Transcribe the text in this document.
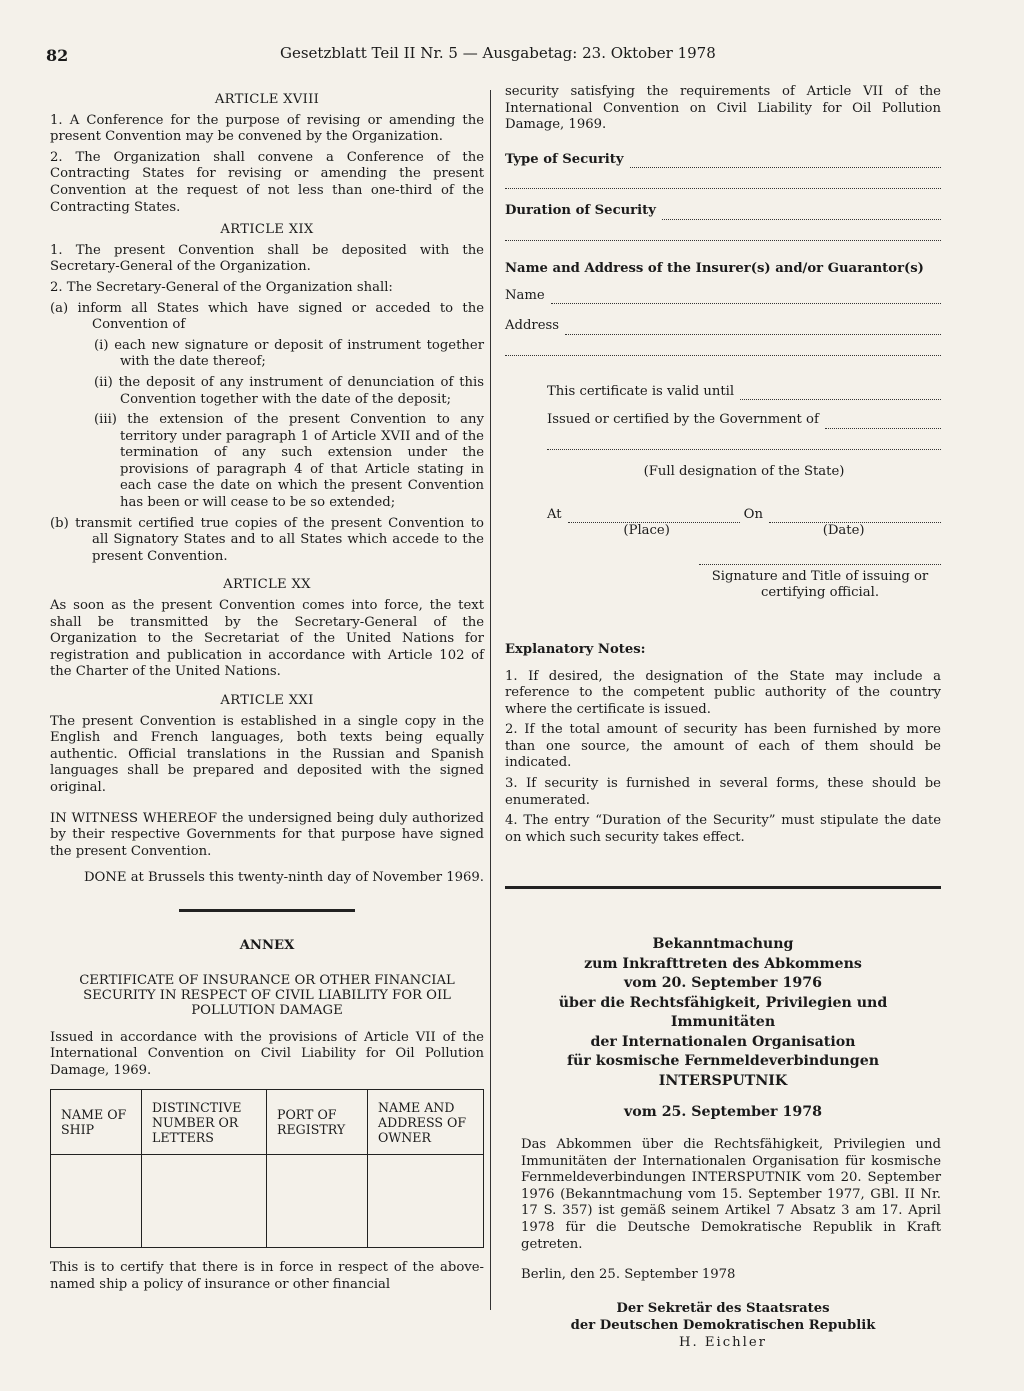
82	Gesetzblatt Teil II Nr. 5 — Ausgabetag: 23. Oktober 1978
ARTICLE XVIII

1. A Conference for the purpose of revising or amending the present Convention may be convened by the Organization.

2. The Organization shall convene a Conference of the Contracting States for revising or amending the present Convention at the request of not less than one-third of the Contracting States.

ARTICLE XIX

1. The present Convention shall be deposited with the Secretary-General of the Organization.

2. The Secretary-General of the Organization shall:

(a) inform all States which have signed or acceded to the Convention of

(i) each new signature or deposit of instrument together with the date thereof;

(ii) the deposit of any instrument of denunciation of this Convention together with the date of the deposit;

(iii) the extension of the present Convention to any territory under paragraph 1 of Article XVII and of the termination of any such extension under the provisions of paragraph 4 of that Article stating in each case the date on which the present Convention has been or will cease to be so extended;

(b) transmit certified true copies of the present Convention to all Signatory States and to all States which accede to the present Convention.

ARTICLE XX

As soon as the present Convention comes into force, the text shall be transmitted by the Secretary-General of the Organization to the Secretariat of the United Nations for registration and publication in accordance with Article 102 of the Charter of the United Nations.

ARTICLE XXI

The present Convention is established in a single copy in the English and French languages, both texts being equally authentic. Official translations in the Russian and Spanish languages shall be prepared and deposited with the signed original.

IN WITNESS WHEREOF the undersigned being duly authorized by their respective Governments for that purpose have signed the present Convention.

DONE at Brussels this twenty-ninth day of November 1969.

ANNEX
CERTIFICATE OF INSURANCE OR OTHER FINANCIAL SECURITY IN RESPECT OF CIVIL LIABILITY FOR OIL POLLUTION DAMAGE

Issued in accordance with the provisions of Article VII of the International Convention on Civil Liability for Oil Pollution Damage, 1969.

NAME OF SHIP	DISTINCTIVE NUMBER OR LETTERS	PORT OF REGISTRY	NAME AND ADDRESS OF OWNER

This is to certify that there is in force in respect of the above-named ship a policy of insurance or other financial

security satisfying the requirements of Article VII of the International Convention on Civil Liability for Oil Pollution Damage, 1969.

Type of Security
Duration of Security
Name and Address of the Insurer(s) and/or Guarantor(s)
Name
Address
This certificate is valid until
Issued or certified by the Government of
(Full designation of the State)
At	On
(Place)	(Date)
Signature and Title of issuing or certifying official.
Explanatory Notes:

1. If desired, the designation of the State may include a reference to the competent public authority of the country where the certificate is issued.

2. If the total amount of security has been furnished by more than one source, the amount of each of them should be indicated.

3. If security is furnished in several forms, these should be enumerated.

4. The entry “Duration of the Security” must stipulate the date on which such security takes effect.

Bekanntmachung
zum Inkrafttreten des Abkommens
vom 20. September 1976
über die Rechtsfähigkeit, Privilegien und Immunitäten
der Internationalen Organisation
für kosmische Fernmeldeverbindungen INTERSPUTNIK
vom 25. September 1978

Das Abkommen über die Rechtsfähigkeit, Privilegien und Immunitäten der Internationalen Organisation für kosmische Fernmeldeverbindungen INTERSPUTNIK vom 20. September 1976 (Bekanntmachung vom 15. September 1977, GBl. II Nr. 17 S. 357) ist gemäß seinem Artikel 7 Absatz 3 am 17. April 1978 für die Deutsche Demokratische Republik in Kraft getreten.

Berlin, den 25. September 1978

Der Sekretär des Staatsrates
der Deutschen Demokratischen Republik
H. Eichler
